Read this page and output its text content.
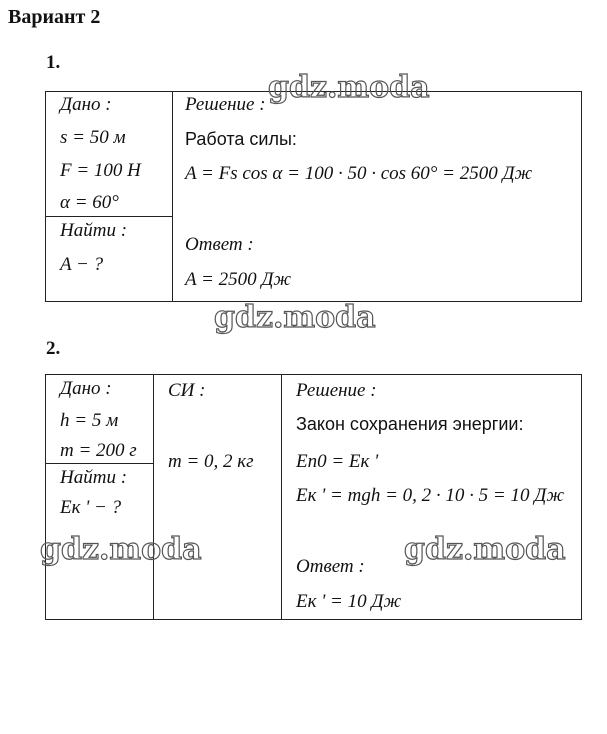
Вариант 2
1.
Дано :
s = 50 м
F = 100 Н
α = 60°
Найти :
A − ?
Решение :
Работа силы:
A = Fs cos α = 100 · 50 · cos 60° = 2500 Дж
Ответ :
A = 2500 Дж
2.
Дано :
h = 5 м
m = 200 г
Найти :
Eк ' − ?
СИ :
m = 0, 2 кг
Решение :
Закон сохранения энергии:
En0 = Eк '
Eк ' = mgh = 0, 2 · 10 · 5 = 10 Дж
Ответ :
Eк ' = 10 Дж
gdz.moda
gdz.moda
gdz.moda	gdz.moda
